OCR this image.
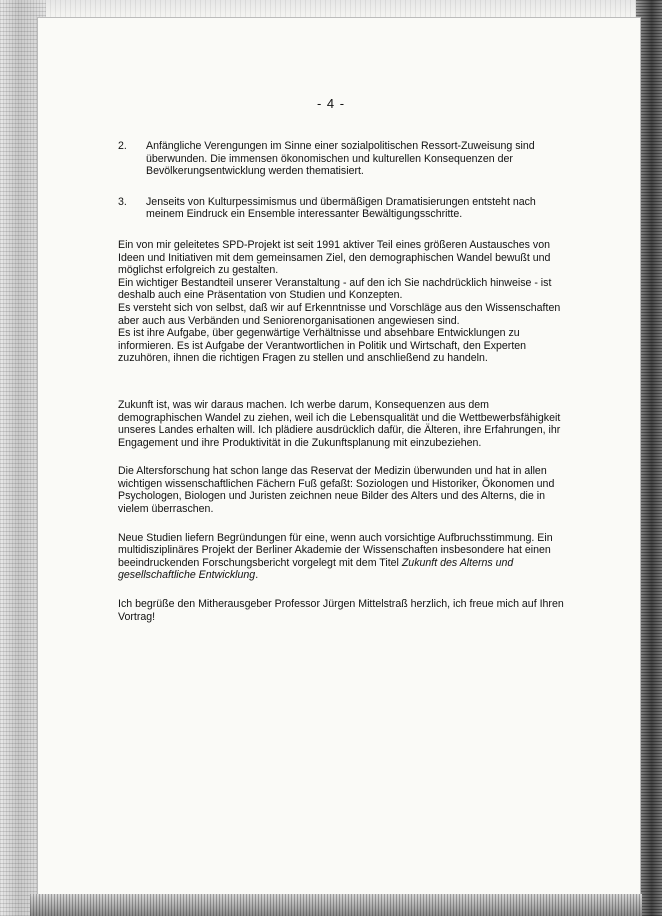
- 4 -
2.	Anfängliche Verengungen im Sinne einer sozialpolitischen Ressort-Zuweisung sind überwunden. Die immensen ökonomischen und kulturellen Konsequenzen der Bevölkerungsentwicklung werden thematisiert.
3.	Jenseits von Kulturpessimismus und übermäßigen Dramatisierungen entsteht nach meinem Eindruck ein Ensemble interessanter Bewältigungsschritte.
Ein von mir geleitetes SPD-Projekt ist seit 1991 aktiver Teil eines größeren Austausches von Ideen und Initiativen mit dem gemeinsamen Ziel, den demographischen Wandel bewußt und möglichst erfolgreich zu gestalten.
Ein wichtiger Bestandteil unserer Veranstaltung - auf den ich Sie nachdrücklich hinweise - ist deshalb auch eine Präsentation von Studien und Konzepten.
Es versteht sich von selbst, daß wir auf Erkenntnisse und Vorschläge aus den Wissenschaften aber auch aus Verbänden und Seniorenorganisationen angewiesen sind.
Es ist ihre Aufgabe, über gegenwärtige Verhältnisse und absehbare Entwicklungen zu informieren. Es ist Aufgabe der Verantwortlichen in Politik und Wirtschaft, den Experten zuzuhören, ihnen die richtigen Fragen zu stellen und anschließend zu handeln.
Zukunft ist, was wir daraus machen. Ich werbe darum, Konsequenzen aus dem demographischen Wandel zu ziehen, weil ich die Lebensqualität und die Wettbewerbsfähigkeit unseres Landes erhalten will. Ich plädiere ausdrücklich dafür, die Älteren, ihre Erfahrungen, ihr Engagement und ihre Produktivität in die Zukunftsplanung mit einzubeziehen.
Die Altersforschung hat schon lange das Reservat der Medizin überwunden und hat in allen wichtigen wissenschaftlichen Fächern Fuß gefaßt: Soziologen und Historiker, Ökonomen und Psychologen, Biologen und Juristen zeichnen neue Bilder des Alters und des Alterns, die in vielem überraschen.
Neue Studien liefern Begründungen für eine, wenn auch vorsichtige Aufbruchsstimmung. Ein multidisziplinäres Projekt der Berliner Akademie der Wissenschaften insbesondere hat einen beeindruckenden Forschungsbericht vorgelegt mit dem Titel Zukunft des Alterns und gesellschaftliche Entwicklung.
Ich begrüße den Mitherausgeber Professor Jürgen Mittelstraß herzlich, ich freue mich auf Ihren Vortrag!
